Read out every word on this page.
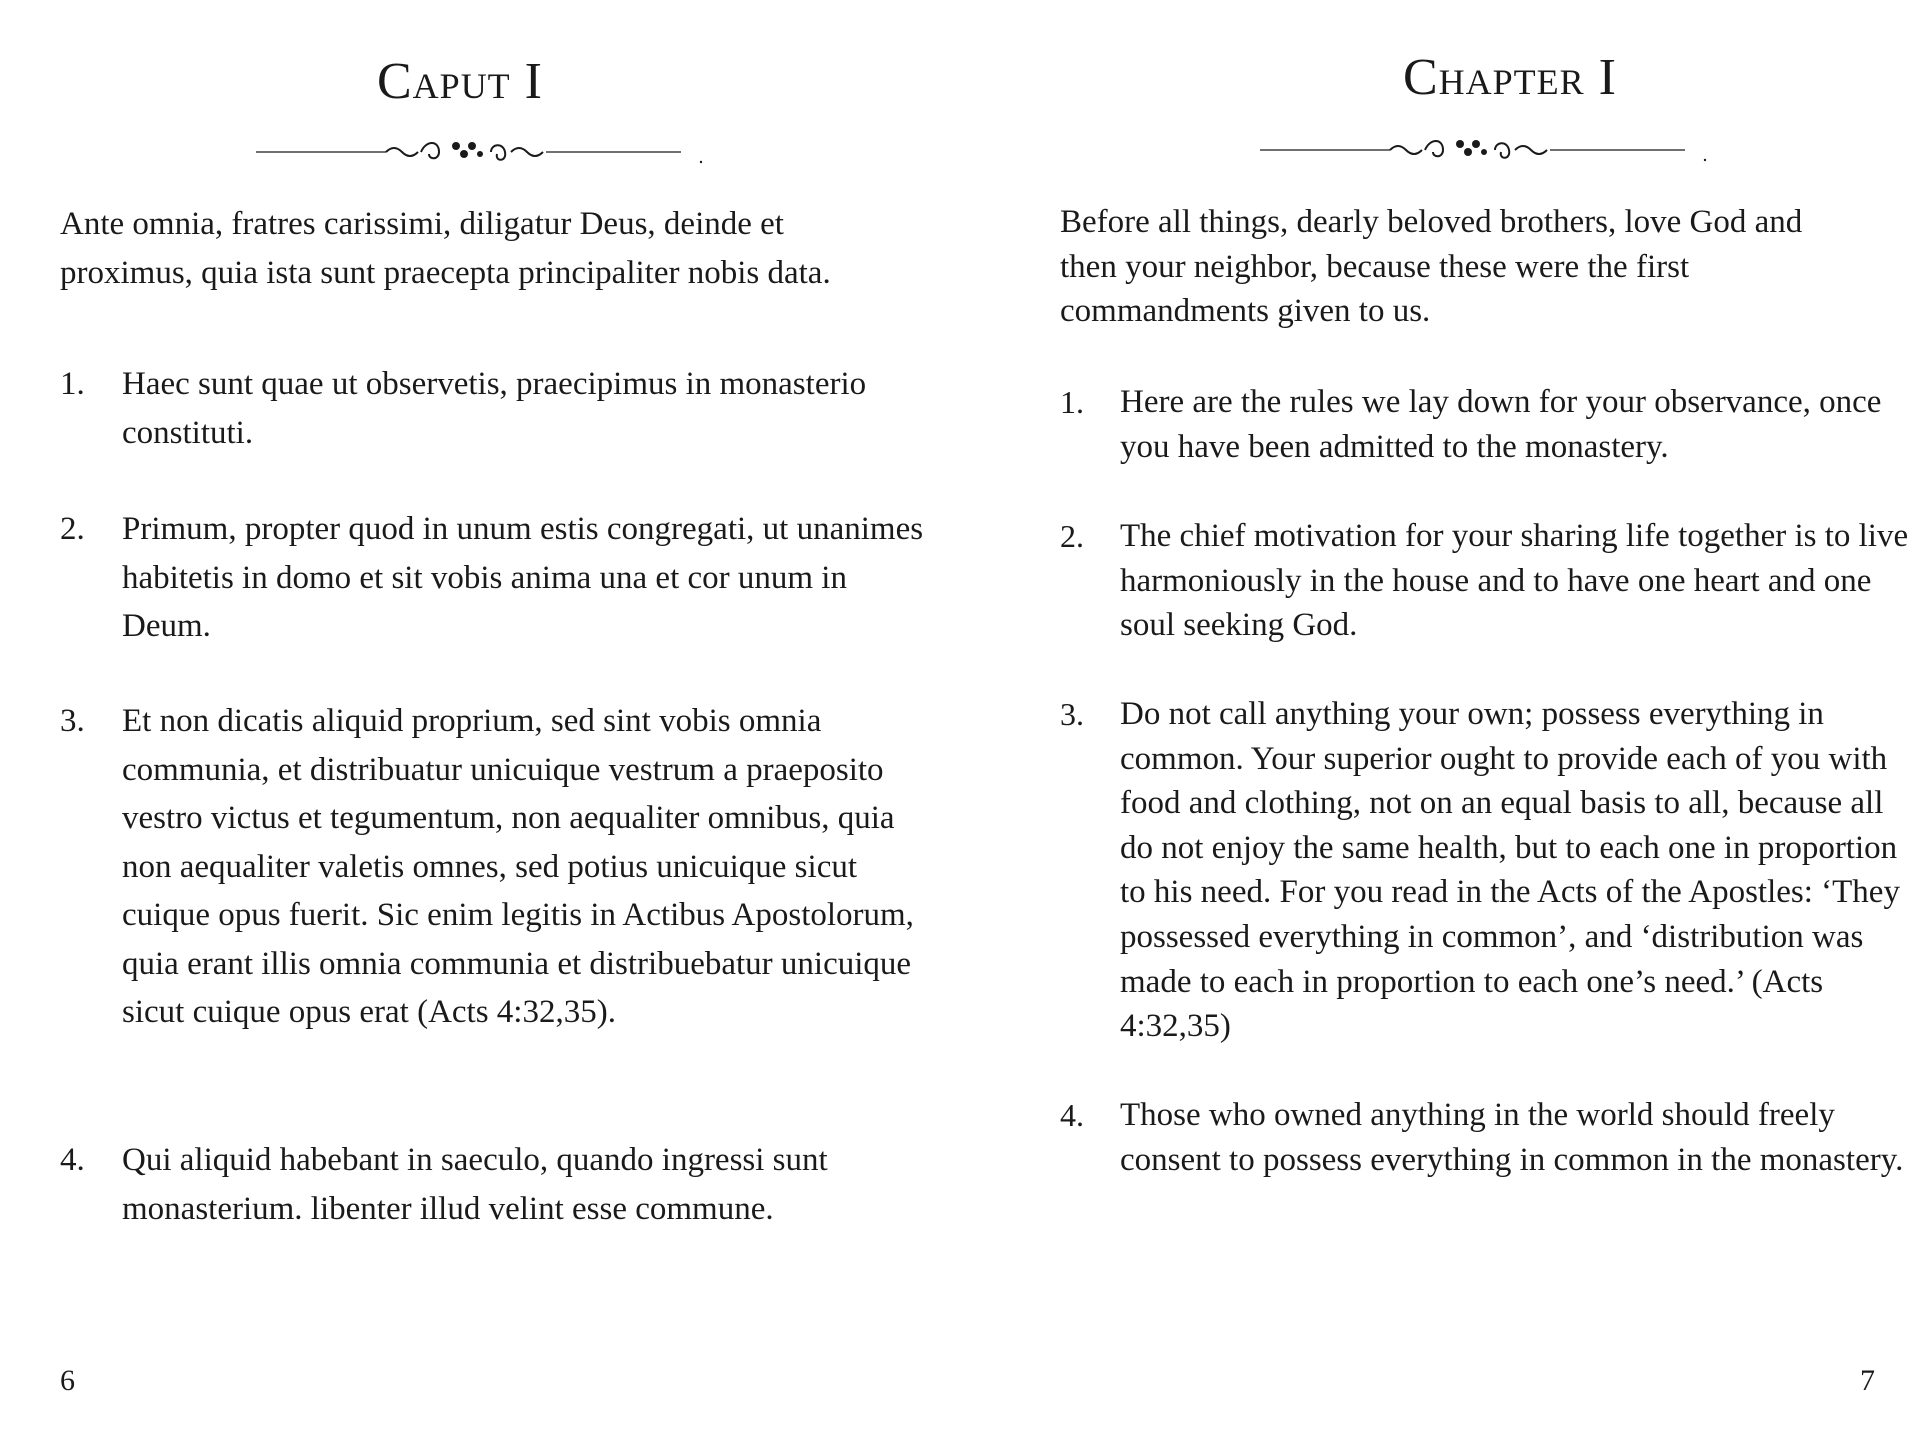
Caput I

Ante omnia, fratres carissimi, diligatur Deus, deinde et proximus, quia ista sunt praecepta principaliter nobis data.

1. Haec sunt quae ut observetis, praecipimus in monasterio constituti.

2. Primum, propter quod in unum estis congregati, ut unanimes habitetis in domo et sit vobis anima una et cor unum in Deum.

3. Et non dicatis aliquid proprium, sed sint vobis omnia communia, et distribuatur unicuique vestrum a praeposito vestro victus et tegumentum, non aequaliter omnibus, quia non aequaliter valetis omnes, sed potius unicuique sicut cuique opus fuerit. Sic enim legitis in Actibus Apostolorum, quia erant illis omnia communia et distribuebatur unicuique sicut cuique opus erat (Acts 4:32,35).

4. Qui aliquid habebant in saeculo, quando ingressi sunt monasterium. libenter illud velint esse commune.

6
Chapter I

Before all things, dearly beloved brothers, love God and then your neighbor, because these were the first commandments given to us.

1. Here are the rules we lay down for your observance, once you have been admitted to the monastery.

2. The chief motivation for your sharing life together is to live harmoniously in the house and to have one heart and one soul seeking God.

3. Do not call anything your own; possess everything in common. Your superior ought to provide each of you with food and clothing, not on an equal basis to all, because all do not enjoy the same health, but to each one in proportion to his need. For you read in the Acts of the Apostles: ‘They possessed everything in common’, and ‘distribution was made to each in proportion to each one’s need.’ (Acts 4:32,35)

4. Those who owned anything in the world should freely consent to possess everything in common in the monastery.

7
